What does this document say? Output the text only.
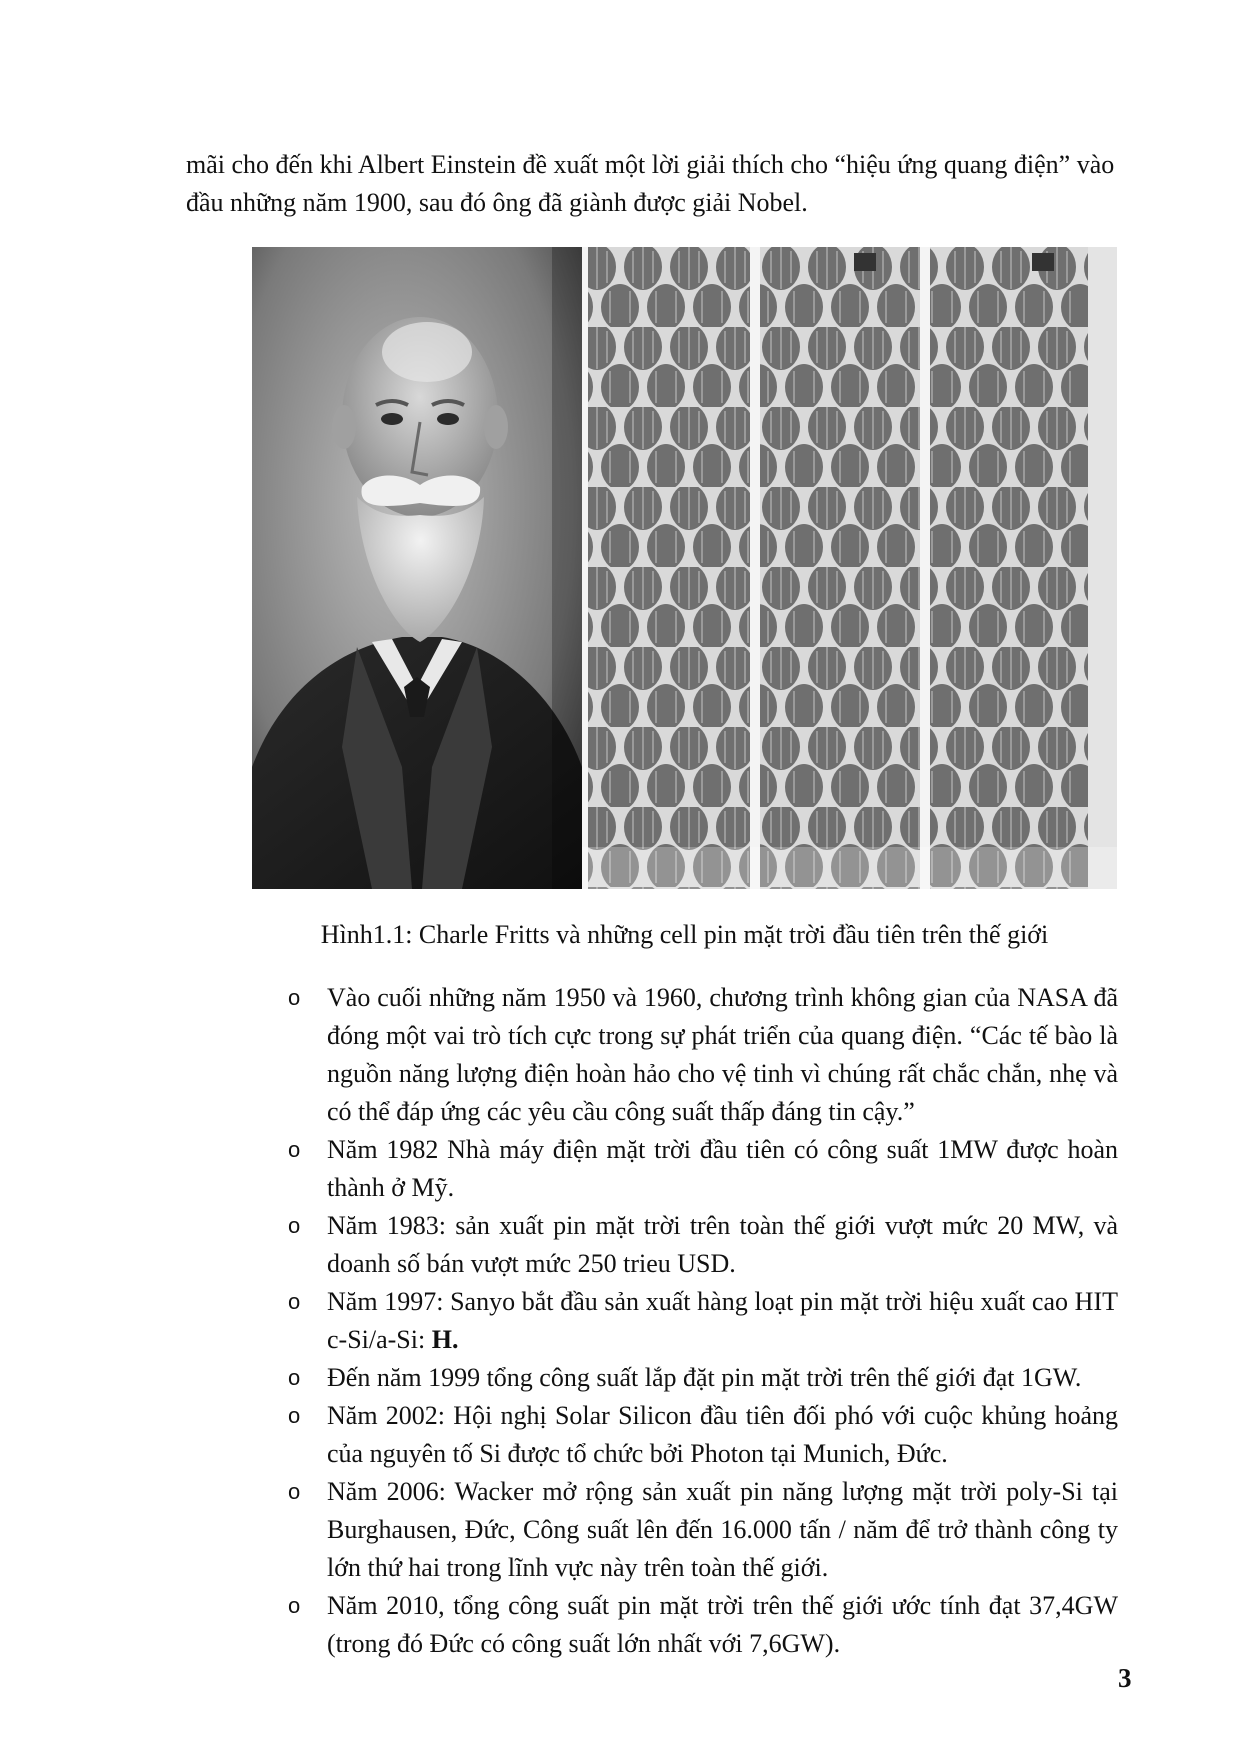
mãi cho đến khi Albert Einstein đề xuất một lời giải thích cho “hiệu ứng quang điện” vào đầu những năm 1900, sau đó ông đã giành được giải Nobel.

Hình1.1: Charle Fritts và những cell pin mặt trời đầu tiên trên thế giới

o Vào cuối những năm 1950 và 1960, chương trình không gian của NASA đã đóng một vai trò tích cực trong sự phát triển của quang điện. “Các tế bào là nguồn năng lượng điện hoàn hảo cho vệ tinh vì chúng rất chắc chắn, nhẹ và có thể đáp ứng các yêu cầu công suất thấp đáng tin cậy.”
o Năm 1982 Nhà máy điện mặt trời đầu tiên có công suất 1MW được hoàn thành ở Mỹ.
o Năm 1983: sản xuất pin mặt trời trên toàn thế giới vượt mức 20 MW, và doanh số bán vượt mức 250 trieu USD.
o Năm 1997: Sanyo bắt đầu sản xuất hàng loạt pin mặt trời hiệu xuất cao HIT c-Si/a-Si: H.
o Đến năm 1999 tổng công suất lắp đặt pin mặt trời trên thế giới đạt 1GW.
o Năm 2002: Hội nghị Solar Silicon đầu tiên đối phó với cuộc khủng hoảng của nguyên tố Si được tổ chức bởi Photon tại Munich, Đức.
o Năm 2006: Wacker mở rộng sản xuất pin năng lượng mặt trời poly-Si tại Burghausen, Đức, Công suất lên đến 16.000 tấn / năm để trở thành công ty lớn thứ hai trong lĩnh vực này trên toàn thế giới.
o Năm 2010, tổng công suất pin mặt trời trên thế giới ước tính đạt 37,4GW (trong đó Đức có công suất lớn nhất với 7,6GW).

3
